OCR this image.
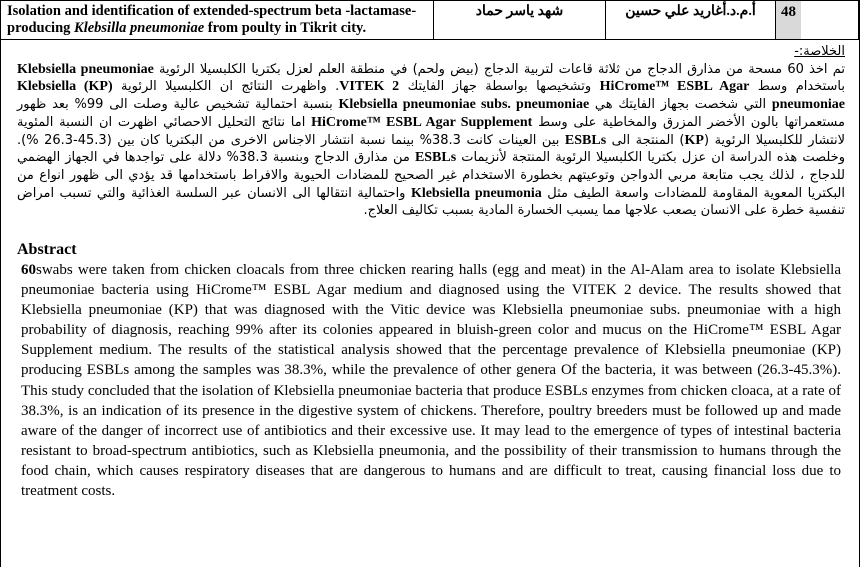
Isolation and identification of extended-spectrum beta -lactamase-producing Klebsilla pneumoniae from poulty in Tikrit city.
شهد ياسر حماد	أ.م.د.أغاريد علي حسين	48
الخلاصة:-
تم اخذ 60 مسحة من مذارق الدجاج من ثلاثة قاعات لتربية الدجاج (بيض ولحم) في منطقة العلم لعزل بكتريا الكلبسيلا الرئوية Klebsiella pneumoniae باستخدام وسط HiCrome™ ESBL Agar وتشخيصها بواسطة جهاز الفايتك VITEK 2. واظهرت النتائج ان الكلبسيلا الرئوية Klebsiella (KP) pneumoniae التي شخصت بجهاز الفايتك هي Klebsiella pneumoniae subs. pneumoniae بنسبة احتمالية تشخيص عالية وصلت الى 99% بعد ظهور مستعمراتها بالون الأخضر المزرق والمخاطية على وسط HiCrome™ ESBL Agar Supplement اما نتائج التحليل الاحصائي اظهرت ان النسبة المئوية لانتشار للكلبسيلا الرئوية (KP) المنتجة الى ESBLs بين العينات كانت 38.3% بينما نسبة انتشار الاجناس الاخرى من البكتريا كان بين (45.3-26.3 %). وخلصت هذه الدراسة ان عزل بكتريا الكلبسيلا الرئوية المنتجة لأنزيمات ESBLs من مذارق الدجاج وبنسبة 38.3% دلالة على تواجدها في الجهاز الهضمي للدجاج ، لذلك يجب متابعة مربي الدواجن وتوعيتهم بخطورة الاستخدام غير الصحيح للمضادات الحيوية والافراط باستخدامها قد يؤدي الى ظهور انواع من البكتريا المعوية المقاومة للمضادات واسعة الطيف مثل Klebsiella pneumonia واحتمالية انتقالها الى الانسان عبر السلسة الغذائية والتي تسبب امراض تنفسية خطرة على الانسان يصعب علاجها مما يسبب الخسارة المادية بسبب تكاليف العلاج.
Abstract
60swabs were taken from chicken cloacals from three chicken rearing halls (egg and meat) in the Al-Alam area to isolate Klebsiella pneumoniae bacteria using HiCrome™ ESBL Agar medium and diagnosed using the VITEK 2 device. The results showed that Klebsiella pneumoniae (KP) that was diagnosed with the Vitic device was Klebsiella pneumoniae subs. pneumoniae with a high probability of diagnosis, reaching 99% after its colonies appeared in bluish-green color and mucus on the HiCrome™ ESBL Agar Supplement medium. The results of the statistical analysis showed that the percentage prevalence of Klebsiella pneumoniae (KP) producing ESBLs among the samples was 38.3%, while the prevalence of other genera Of the bacteria, it was between (26.3-45.3%). This study concluded that the isolation of Klebsiella pneumoniae bacteria that produce ESBLs enzymes from chicken cloaca, at a rate of 38.3%, is an indication of its presence in the digestive system of chickens. Therefore, poultry breeders must be followed up and made aware of the danger of incorrect use of antibiotics and their excessive use. It may lead to the emergence of types of intestinal bacteria resistant to broad-spectrum antibiotics, such as Klebsiella pneumonia, and the possibility of their transmission to humans through the food chain, which causes respiratory diseases that are dangerous to humans and are difficult to treat, causing financial loss due to treatment costs.
